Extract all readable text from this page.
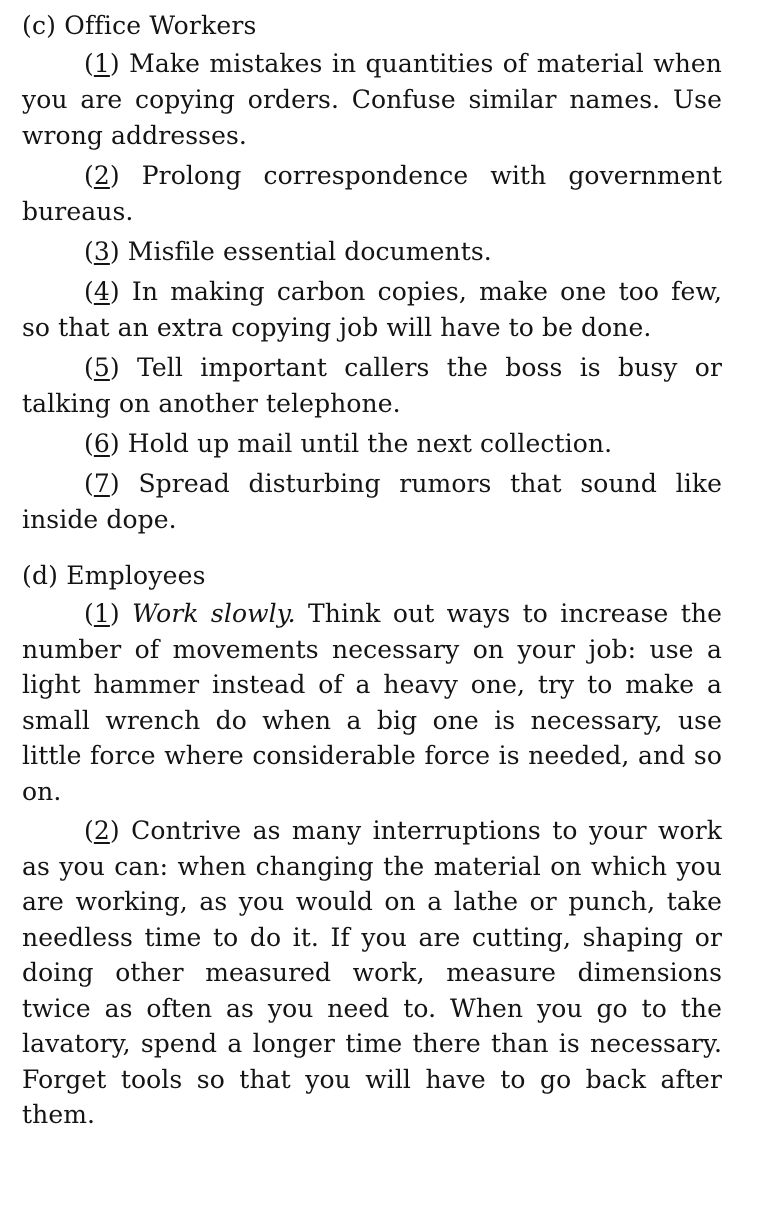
(c) Office Workers

(1) Make mistakes in quantities of material when you are copying orders. Confuse similar names. Use wrong addresses.

(2) Prolong correspondence with government bureaus.

(3) Misfile essential documents.

(4) In making carbon copies, make one too few, so that an extra copying job will have to be done.

(5) Tell important callers the boss is busy or talking on another telephone.

(6) Hold up mail until the next collection.

(7) Spread disturbing rumors that sound like inside dope.

(d) Employees

(1) Work slowly. Think out ways to increase the number of movements necessary on your job: use a light hammer instead of a heavy one, try to make a small wrench do when a big one is necessary, use little force where considerable force is needed, and so on.

(2) Contrive as many interruptions to your work as you can: when changing the material on which you are working, as you would on a lathe or punch, take needless time to do it. If you are cutting, shaping or doing other measured work, measure dimensions twice as often as you need to. When you go to the lavatory, spend a longer time there than is necessary. Forget tools so that you will have to go back after them.
